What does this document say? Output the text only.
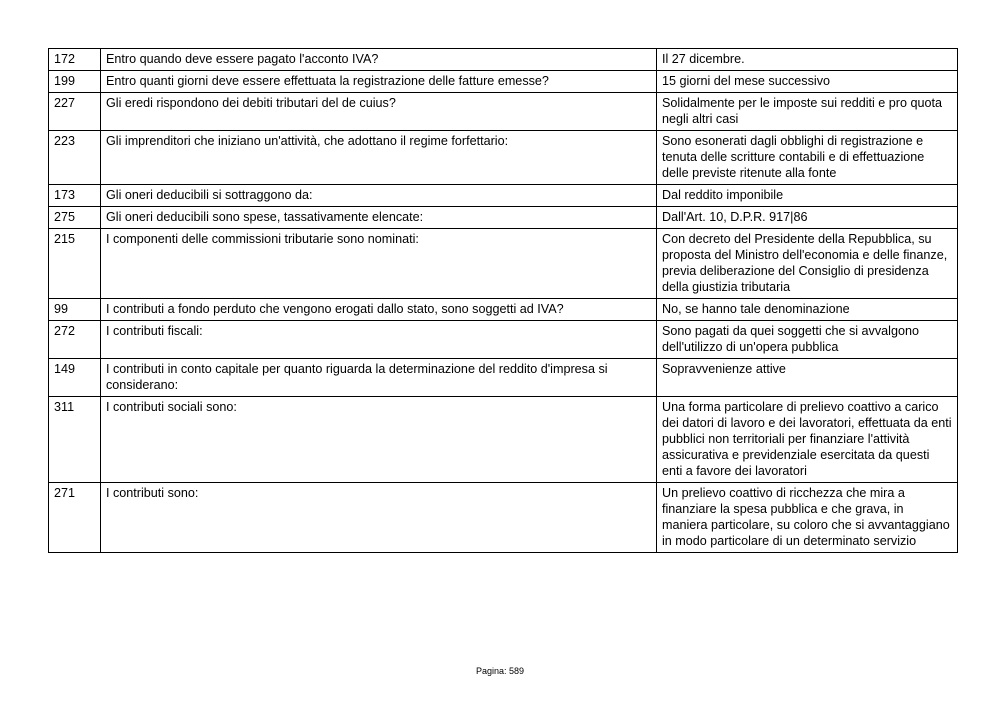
172	Entro quando deve essere pagato l'acconto IVA?	Il 27 dicembre.
199	Entro quanti giorni deve essere effettuata la registrazione delle fatture emesse?	15 giorni del mese successivo
227	Gli eredi rispondono dei debiti tributari del de cuius?	Solidalmente per le imposte sui redditi e pro quota negli altri casi
223	Gli imprenditori che iniziano un'attività, che adottano il regime forfettario:	Sono esonerati dagli obblighi di registrazione e tenuta delle scritture contabili e di effettuazione delle previste ritenute alla fonte
173	Gli oneri deducibili si sottraggono da:	Dal reddito imponibile
275	Gli oneri deducibili sono spese, tassativamente elencate:	Dall'Art. 10, D.P.R. 917|86
215	I componenti delle commissioni tributarie sono nominati:	Con decreto del Presidente della Repubblica, su proposta del Ministro dell'economia e delle finanze, previa deliberazione del Consiglio di presidenza della giustizia tributaria
99	I contributi a fondo perduto che vengono erogati dallo stato, sono soggetti ad IVA?	No, se hanno tale denominazione
272	I contributi fiscali:	Sono pagati da quei soggetti che si avvalgono dell'utilizzo di un'opera pubblica
149	I contributi in conto capitale per quanto riguarda la determinazione del reddito d'impresa si considerano:	Sopravvenienze attive
311	I contributi sociali sono:	Una forma particolare di prelievo coattivo a carico dei datori di lavoro e dei lavoratori, effettuata da enti pubblici non territoriali per finanziare l'attività assicurativa e previdenziale esercitata da questi enti a favore dei lavoratori
271	I contributi sono:	Un prelievo coattivo di ricchezza che mira a finanziare la spesa pubblica e che grava, in maniera particolare, su coloro che si avvantaggiano in modo particolare di un determinato servizio
Pagina: 589
